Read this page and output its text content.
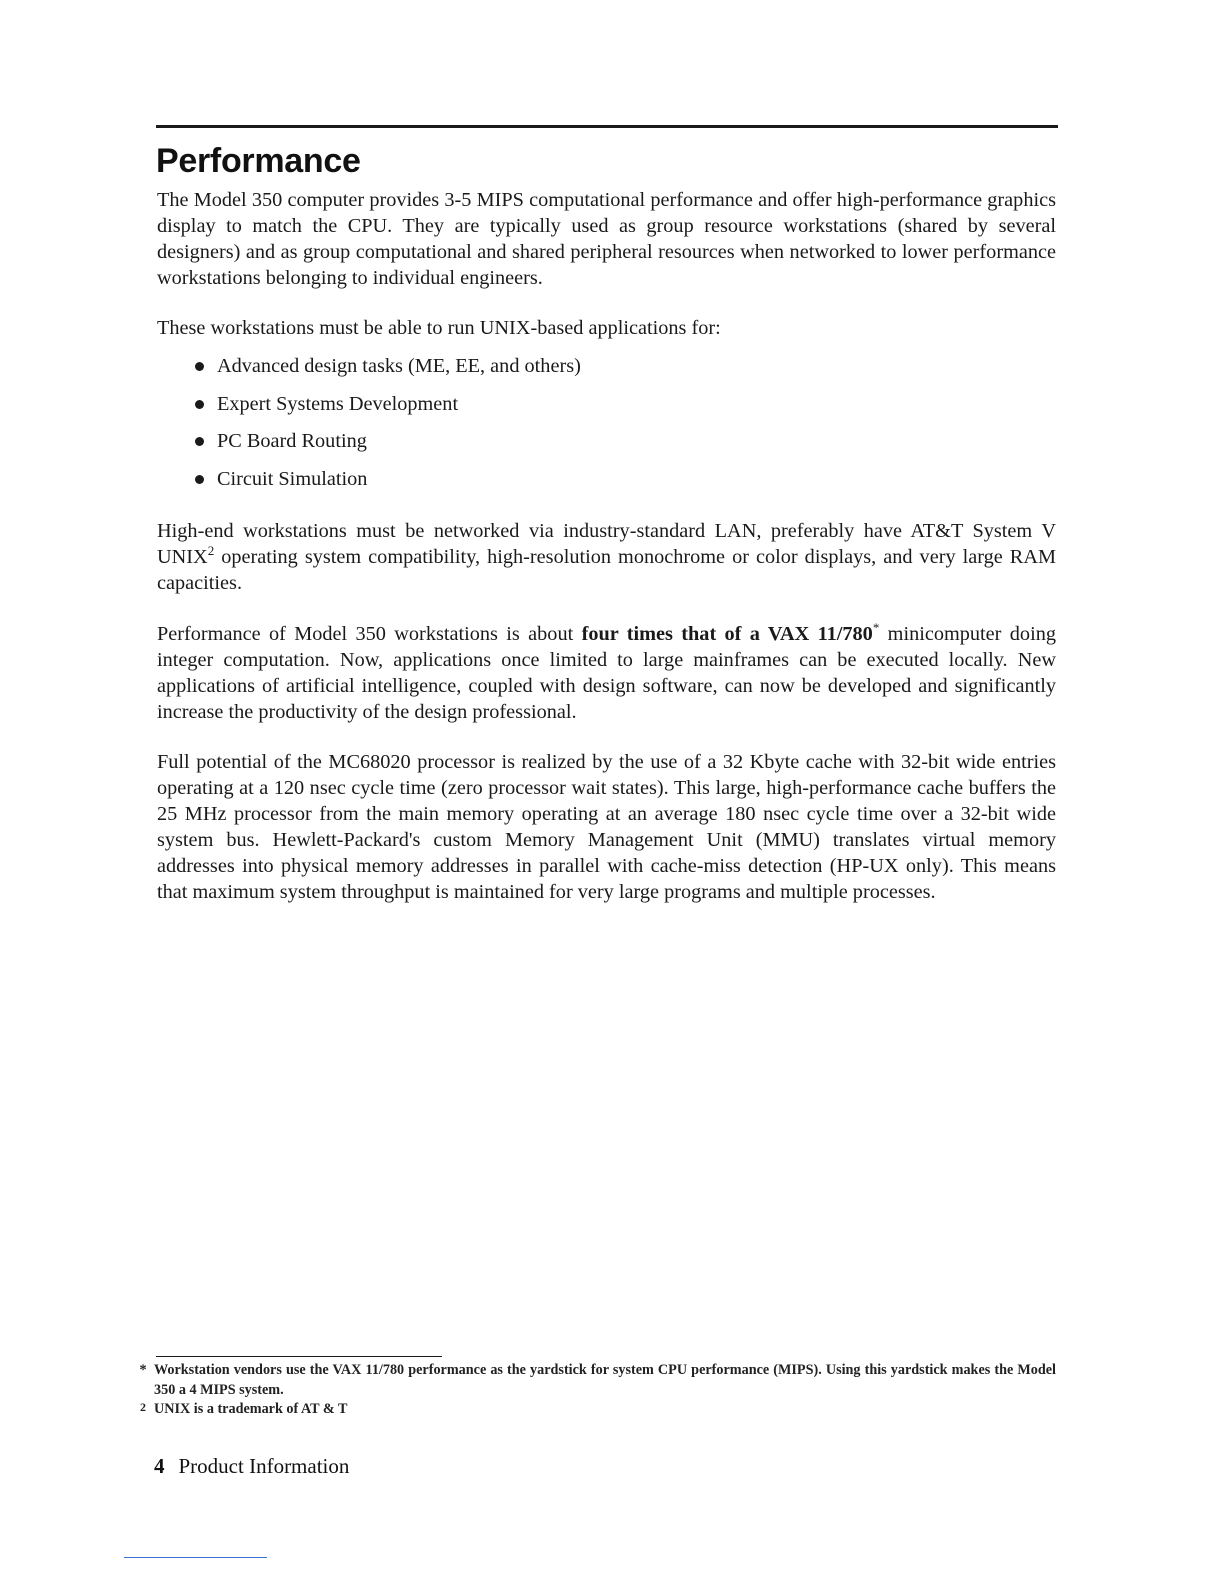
Performance

The Model 350 computer provides 3-5 MIPS computational performance and offer high-performance graphics display to match the CPU. They are typically used as group resource workstations (shared by several designers) and as group computational and shared peripheral resources when networked to lower performance workstations belonging to individual engineers.

These workstations must be able to run UNIX-based applications for:

Advanced design tasks (ME, EE, and others)
Expert Systems Development
PC Board Routing
Circuit Simulation

High-end workstations must be networked via industry-standard LAN, preferably have AT&T System V UNIX$^2$ operating system compatibility, high-resolution monochrome or color displays, and very large RAM capacities.

Performance of Model 350 workstations is about four times that of a VAX 11/780* minicomputer doing integer computation. Now, applications once limited to large mainframes can be executed locally. New applications of artificial intelligence, coupled with design software, can now be developed and significantly increase the productivity of the design professional.

Full potential of the MC68020 processor is realized by the use of a 32 Kbyte cache with 32-bit wide entries operating at a 120 nsec cycle time (zero processor wait states). This large, high-performance cache buffers the 25 MHz processor from the main memory operating at an average 180 nsec cycle time over a 32-bit wide system bus. Hewlett-Packard's custom Memory Management Unit (MMU) translates virtual memory addresses into physical memory addresses in parallel with cache-miss detection (HP-UX only). This means that maximum system throughput is maintained for very large programs and multiple processes.

* Workstation vendors use the VAX 11/780 performance as the yardstick for system CPU performance (MIPS). Using this yardstick makes the Model 350 a 4 MIPS system.
2 UNIX is a trademark of AT & T
4 Product Information
